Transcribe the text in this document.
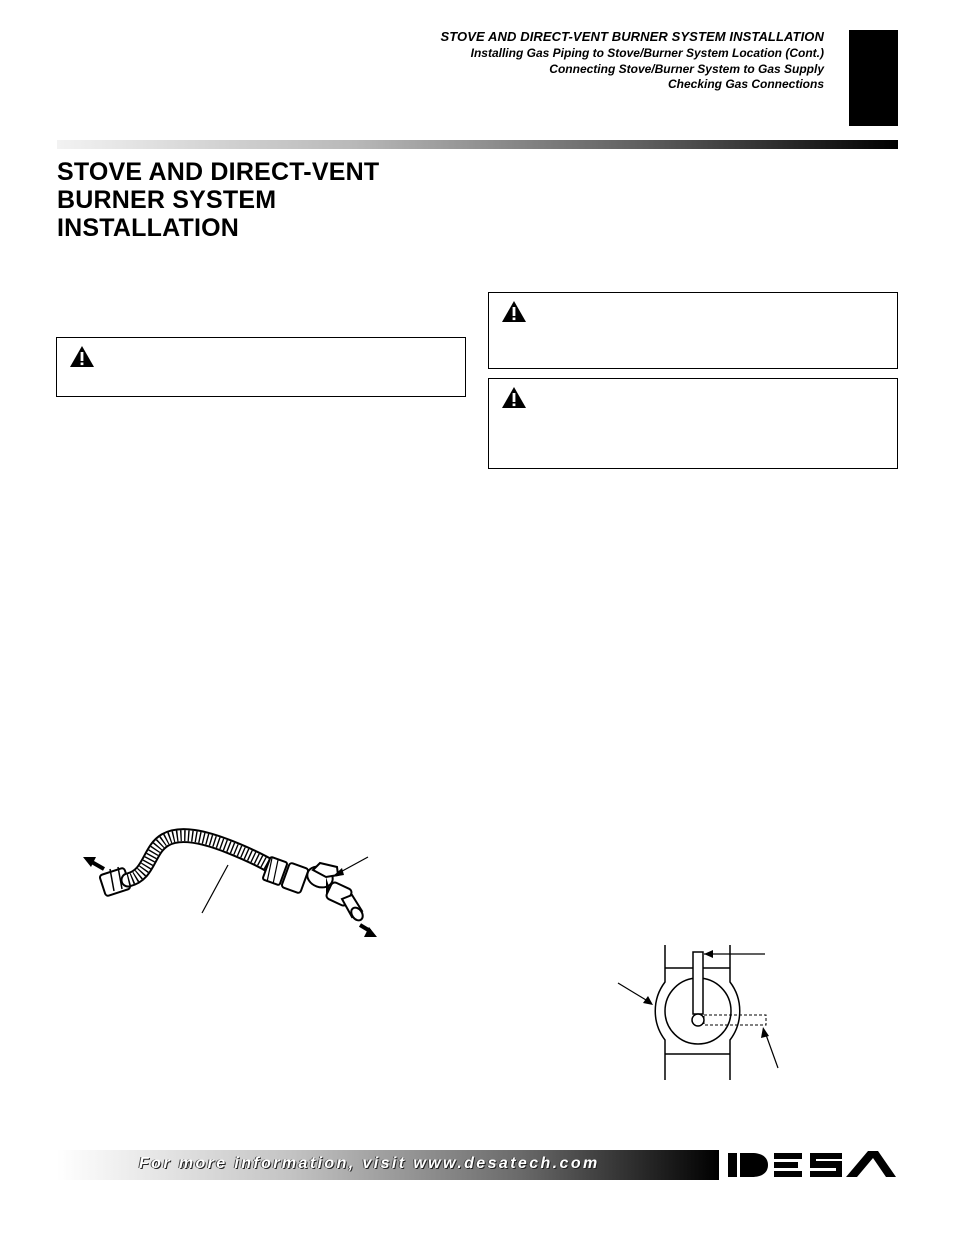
STOVE AND DIRECT-VENT BURNER SYSTEM INSTALLATION
Installing Gas Piping to Stove/Burner System Location (Cont.)
Connecting Stove/Burner System to Gas Supply
Checking Gas Connections
STOVE AND DIRECT-VENT BURNER SYSTEM INSTALLATION
For more information, visit www.desatech.com
